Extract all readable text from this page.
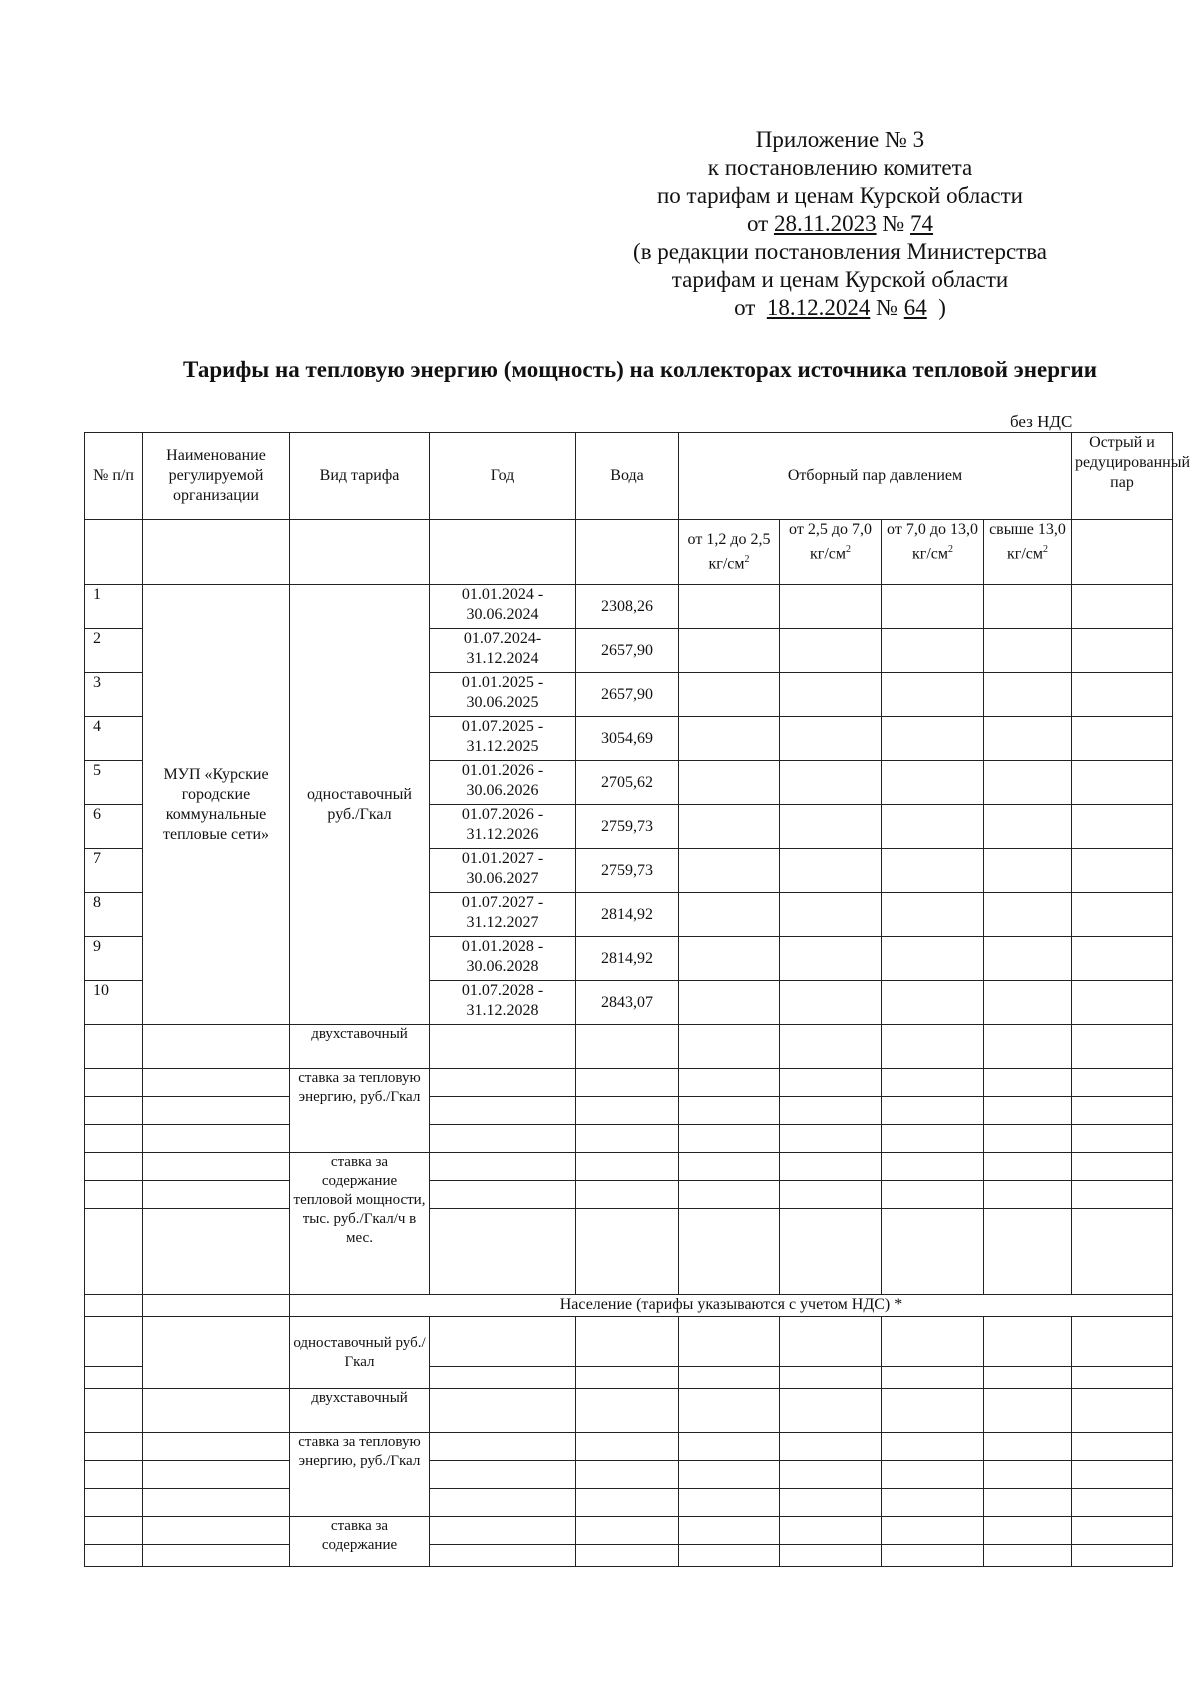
Приложение № 3
к постановлению комитета
по тарифам и ценам Курской области
от 28.11.2023 № 74
(в редакции постановления Министерства
тарифам и ценам Курской области
от 18.12.2024 № 64 )
Тарифы на тепловую энергию (мощность) на коллекторах источника тепловой энергии
без НДС
№ п/п	Наименование регулируемой организации	Вид тарифа	Год	Вода	Отборный пар давлением				Острый и редуцированный пар
					от 1,2 до 2,5 $кг/см^2$	от 2,5 до 7,0 $кг/см^2$	от 7,0 до 13,0 $кг/см^2$	свыше 13,0 $кг/см^2$	
1	МУП «Курские городские коммунальные тепловые сети»	одноставочный руб./Гкал	01.01.2024 - 30.06.2024	2308,26					
2			01.07.2024- 31.12.2024	2657,90					
3			01.01.2025 - 30.06.2025	2657,90					
4			01.07.2025 - 31.12.2025	3054,69					
5			01.01.2026 - 30.06.2026	2705,62					
6			01.07.2026 - 31.12.2026	2759,73					
7			01.01.2027 - 30.06.2027	2759,73					
8			01.07.2027 - 31.12.2027	2814,92					
9			01.01.2028 - 30.06.2028	2814,92					
10			01.07.2028 - 31.12.2028	2843,07					
		двухставочный							
		ставка за тепловую энергию, руб./Гкал							

		ставка за содержание тепловой мощности, тыс. руб./Гкал/ч в мес.							

		Население (тарифы указываются с учетом НДС) *							
		одноставочный руб./Гкал							

		двухставочный							
		ставка за тепловую энергию, руб./Гкал							

		ставка за содержание							
